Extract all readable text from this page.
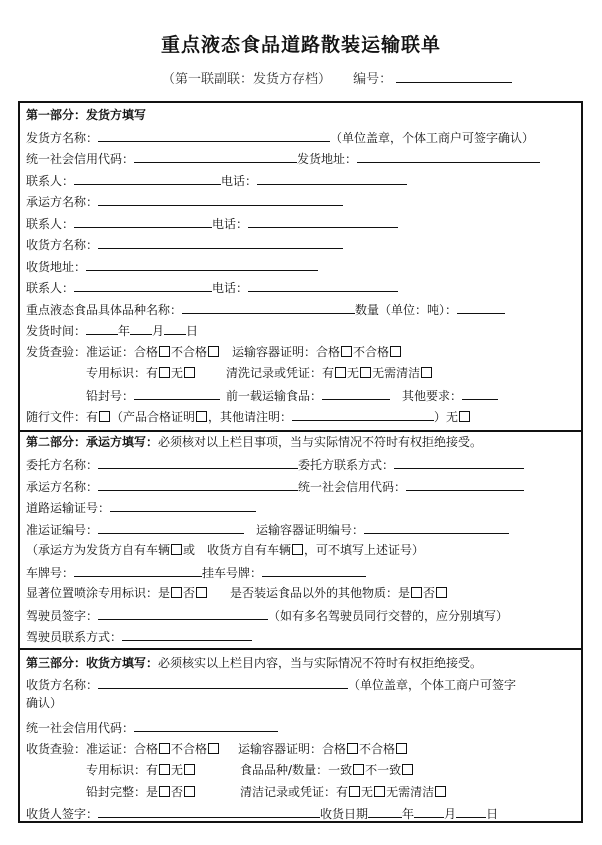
重点液态食品道路散装运输联单
（第一联副联：发货方存档） 编号：
第一部分：发货方填写
发货方名称：	（单位盖章，个体工商户可签字确认）
统一社会信用代码：	发货地址：
联系人：	电话：
承运方名称：
联系人：	电话：
收货方名称：
收货地址：
联系人：	电话：
重点液态食品具体品种名称：	数量（单位：吨）：
发货时间：	年 月 日
发货查验：准运证：合格 不合格 运输容器证明：合格 不合格
专用标识：有 无	清洗记录或凭证：有 无 无需清洁
铅封号：	前一载运输食品：	其他要求：
随行文件：有 （产品合格证明 ，其他请注明：	）无
第二部分：承运方填写：必须核对以上栏目事项，当与实际情况不符时有权拒绝接受。
委托方名称：	委托方联系方式：
承运方名称：	统一社会信用代码：
道路运输证号：
准运证编号：	运输容器证明编号：
（承运方为发货方自有车辆 或　收货方自有车辆 ，可不填写上述证号）
车牌号：	挂车号牌：
显著位置喷涂专用标识：是 否	是否装运食品以外的其他物质：是 否
驾驶员签字：	（如有多名驾驶员同行交替的，应分别填写）
驾驶员联系方式：
第三部分：收货方填写：必须核实以上栏目内容，当与实际情况不符时有权拒绝接受。
收货方名称：	（单位盖章，个体工商户可签字
确认）
统一社会信用代码：
收货查验：准运证：合格 不合格	运输容器证明：合格 不合格
专用标识：有 无	食品品种/数量：一致 不一致
铅封完整：是 否	清洁记录或凭证：有 无 无需清洁
收货人签字：	收货日期	年	月	日
